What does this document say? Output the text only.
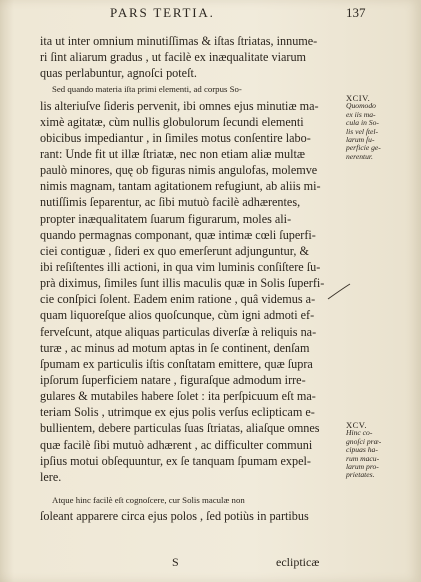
PARS TERTIA.	137
ita ut inter omnium minutiſſimas & iſtas ſtriatas, innume-
ri ſint aliarum gradus , ut facilè ex inæqualitate viarum
quas perlabuntur, agnoſci poteſt.
Sed quando materia iſta primi elementi, ad corpus So-
lis alteriuſve ſideris pervenit, ibi omnes ejus minutiæ ma-
ximè agitatæ, cùm nullis globulorum ſecundi elementi
obicibus impediantur , in ſimiles motus conſentire labo-
rant: Unde fit ut illæ ſtriatæ, nec non etiam aliæ multæ
paulò minores, quę ob figuras nimis angulofas, molemve
nimis magnam, tantam agitationem refugiunt, ab aliis mi-
nutiſſimis ſeparentur, ac ſibi mutuò facilè adhærentes,
propter inæqualitatem ſuarum figurarum, moles ali-
quando permagnas componant, quæ intimæ cœli ſuperfi-
ciei contiguæ , ſideri ex quo emerſerunt adjunguntur, &
ibi reſiſtentes illi actioni, in qua vim luminis conſiſtere ſu-
prà diximus, ſimiles ſunt illis maculis quæ in Solis ſuperfi-
cie conſpici ſolent. Eadem enim ratione , quâ videmus a-
quam liquoreſque alios quoſcunque, cùm igni admoti ef-
ferveſcunt, atque aliquas particulas diverſæ à reliquis na-
turæ , ac minus ad motum aptas in ſe continent, denſam
ſpumam ex particulis iſtis conſtatam emittere, quæ ſupra
ipſorum ſuperficiem natare , figuraſque admodum irre-
gulares & mutabiles habere ſolet : ita perſpicuum eſt ma-
teriam Solis , utrimque ex ejus polis verſus eclipticam e-
bullientem, debere particulas ſuas ſtriatas, aliaſque omnes
quæ facilè ſibi mutuò adhærent , ac difficulter communi
ipſius motui obſequuntur, ex ſe tanquam ſpumam expel-
lere.
Atque hinc facilè eſt cognoſcere, cur Solis maculæ non
ſoleant apparere circa ejus polos , ſed potiùs in partibus
XCIV.
Quomodo
ex iis ma-
cula in So-
lis vel ſtel-
larum ſu-
perficie ge-
nerentur.
XCV.
Hinc co-
gnoſci præ-
cipuas ha-
rum macu-
larum pro-
prietates.
S	eclipticæ
